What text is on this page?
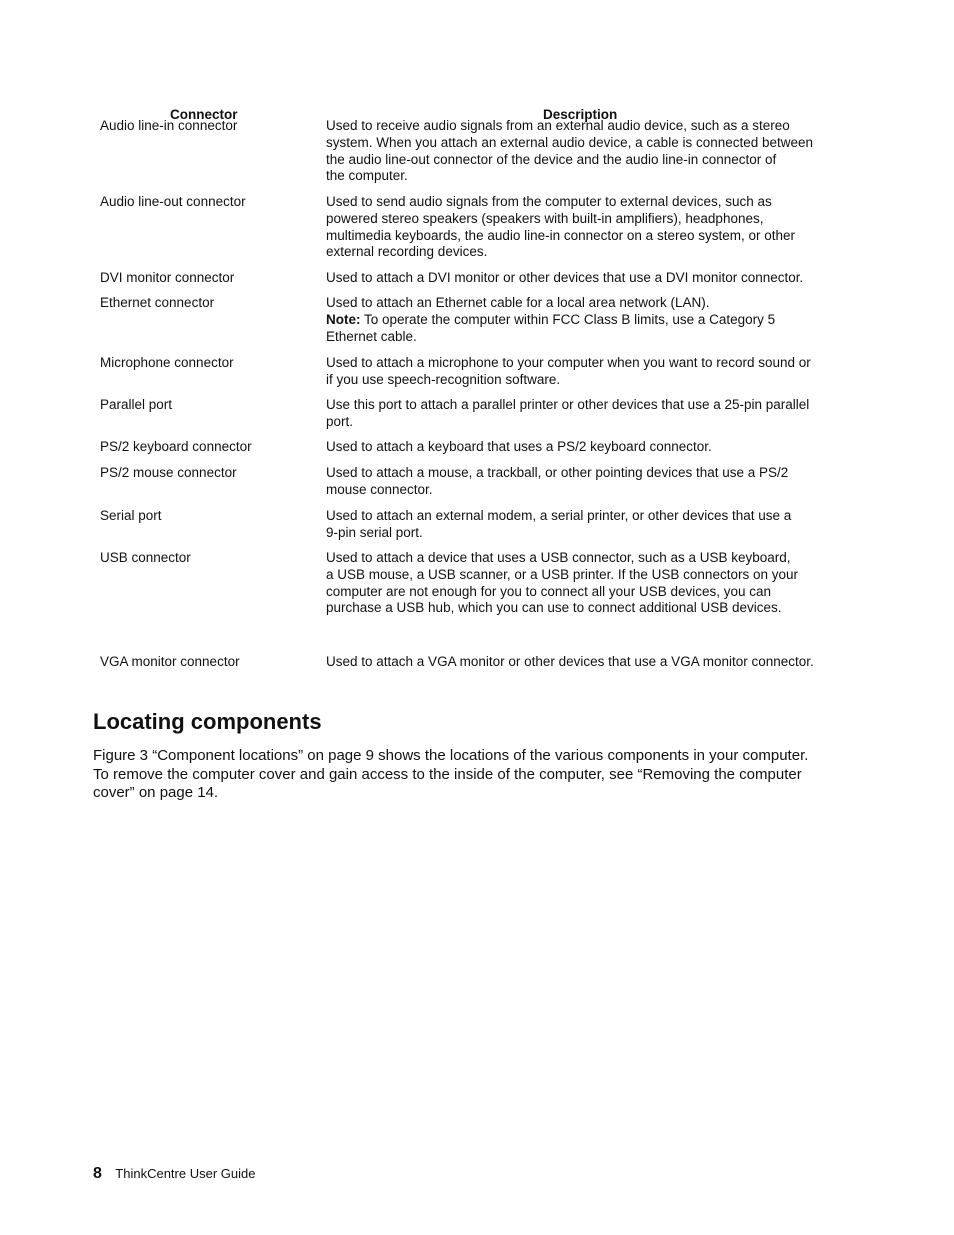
Connector	Description
Audio line-in connector	Used to receive audio signals from an external audio device, such as a stereo
system. When you attach an external audio device, a cable is connected between
the audio line-out connector of the device and the audio line-in connector of
the computer.
Audio line-out connector	Used to send audio signals from the computer to external devices, such as
powered stereo speakers (speakers with built-in amplifiers), headphones,
multimedia keyboards, the audio line-in connector on a stereo system, or other
external recording devices.
DVI monitor connector	Used to attach a DVI monitor or other devices that use a DVI monitor connector.
Ethernet connector	Used to attach an Ethernet cable for a local area network (LAN).
Note: To operate the computer within FCC Class B limits, use a Category 5
Ethernet cable.
Microphone connector	Used to attach a microphone to your computer when you want to record sound or
if you use speech-recognition software.
Parallel port	Use this port to attach a parallel printer or other devices that use a 25-pin parallel
port.
PS/2 keyboard connector	Used to attach a keyboard that uses a PS/2 keyboard connector.
PS/2 mouse connector	Used to attach a mouse, a trackball, or other pointing devices that use a PS/2
mouse connector.
Serial port	Used to attach an external modem, a serial printer, or other devices that use a
9-pin serial port.
USB connector	Used to attach a device that uses a USB connector, such as a USB keyboard,
a USB mouse, a USB scanner, or a USB printer. If the USB connectors on your
computer are not enough for you to connect all your USB devices, you can
purchase a USB hub, which you can use to connect additional USB devices.
VGA monitor connector	Used to attach a VGA monitor or other devices that use a VGA monitor connector.
Locating components
Figure 3 “Component locations” on page 9 shows the locations of the various components in your computer.
To remove the computer cover and gain access to the inside of the computer, see “Removing the computer
cover” on page 14.
8 ThinkCentre User Guide
